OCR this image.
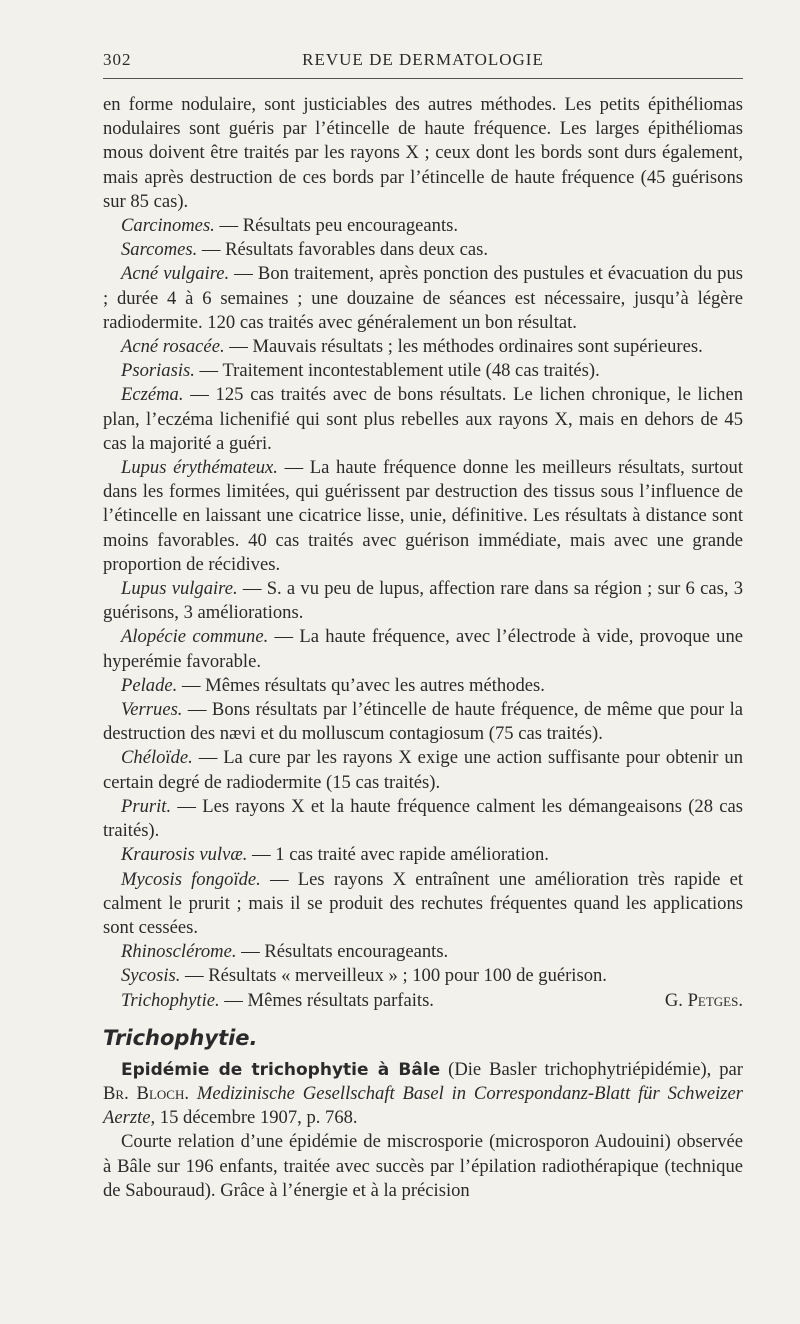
302	REVUE DE DERMATOLOGIE

en forme nodulaire, sont justiciables des autres méthodes. Les petits épithéliomas nodulaires sont guéris par l’étincelle de haute fréquence. Les larges épithéliomas mous doivent être traités par les rayons X ; ceux dont les bords sont durs également, mais après destruction de ces bords par l’étincelle de haute fréquence (45 guérisons sur 85 cas).

Carcinomes. — Résultats peu encourageants.

Sarcomes. — Résultats favorables dans deux cas.

Acné vulgaire. — Bon traitement, après ponction des pustules et évacuation du pus ; durée 4 à 6 semaines ; une douzaine de séances est nécessaire, jusqu’à légère radiodermite. 120 cas traités avec généralement un bon résultat.

Acné rosacée. — Mauvais résultats ; les méthodes ordinaires sont supérieures.

Psoriasis. — Traitement incontestablement utile (48 cas traités).

Eczéma. — 125 cas traités avec de bons résultats. Le lichen chronique, le lichen plan, l’eczéma lichenifié qui sont plus rebelles aux rayons X, mais en dehors de 45 cas la majorité a guéri.

Lupus érythémateux. — La haute fréquence donne les meilleurs résultats, surtout dans les formes limitées, qui guérissent par destruction des tissus sous l’influence de l’étincelle en laissant une cicatrice lisse, unie, définitive. Les résultats à distance sont moins favorables. 40 cas traités avec guérison immédiate, mais avec une grande proportion de récidives.

Lupus vulgaire. — S. a vu peu de lupus, affection rare dans sa région ; sur 6 cas, 3 guérisons, 3 améliorations.

Alopécie commune. — La haute fréquence, avec l’électrode à vide, provoque une hyperémie favorable.

Pelade. — Mêmes résultats qu’avec les autres méthodes.

Verrues. — Bons résultats par l’étincelle de haute fréquence, de même que pour la destruction des nævi et du molluscum contagiosum (75 cas traités).

Chéloïde. — La cure par les rayons X exige une action suffisante pour obtenir un certain degré de radiodermite (15 cas traités).

Prurit. — Les rayons X et la haute fréquence calment les démangeaisons (28 cas traités).

Kraurosis vulvæ. — 1 cas traité avec rapide amélioration.

Mycosis fongoïde. — Les rayons X entraînent une amélioration très rapide et calment le prurit ; mais il se produit des rechutes fréquentes quand les applications sont cessées.

Rhinosclérome. — Résultats encourageants.

Sycosis. — Résultats « merveilleux » ; 100 pour 100 de guérison.

Trichophytie. — Mêmes résultats parfaits.	G. Petges.

Trichophytie.

Epidémie de trichophytie à Bâle (Die Basler trichophytriépidémie), par Br. Bloch. Medizinische Gesellschaft Basel in Correspondanz-Blatt für Schweizer Aerzte, 15 décembre 1907, p. 768.

Courte relation d’une épidémie de miscrosporie (microsporon Audouini) observée à Bâle sur 196 enfants, traitée avec succès par l’épilation radiothérapique (technique de Sabouraud). Grâce à l’énergie et à la précision
